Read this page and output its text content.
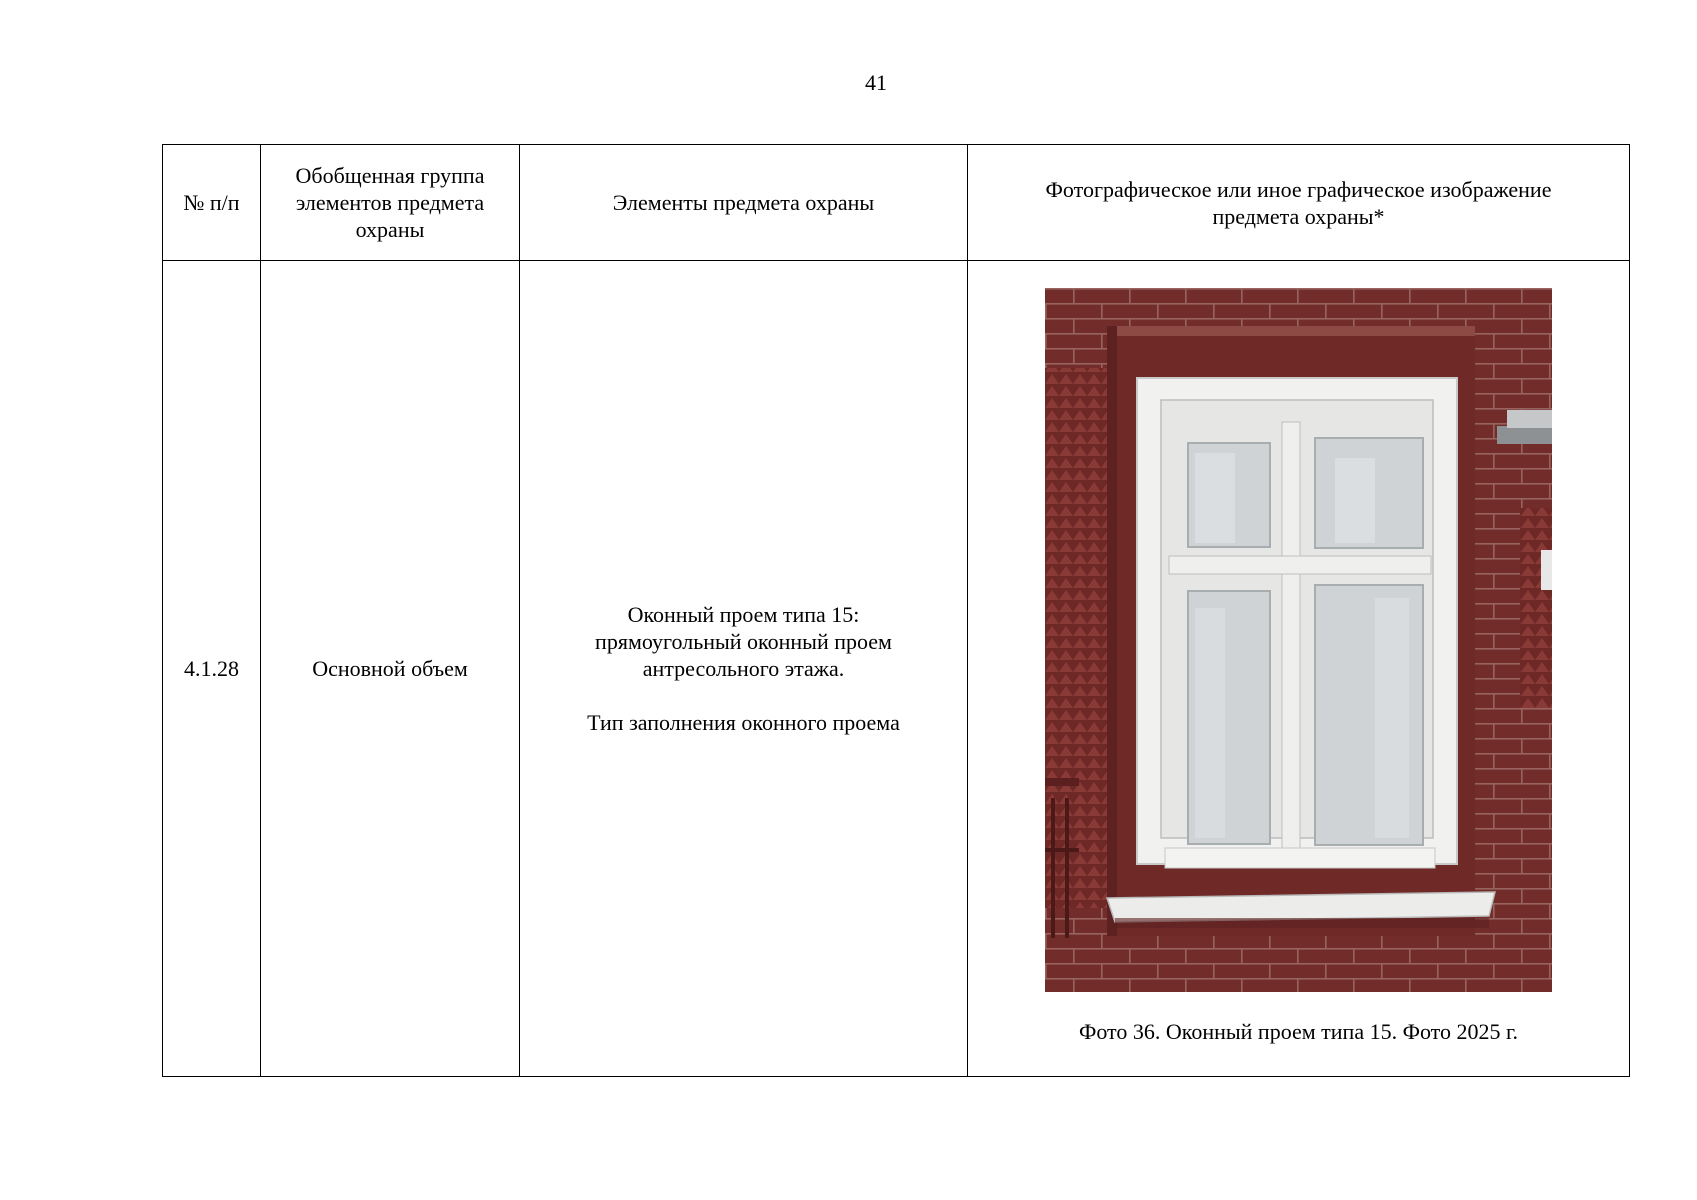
41
№ п/п	Обобщенная группа элементов предмета охраны	Элементы предмета охраны	Фотографическое или иное графическое изображение предмета охраны*
4.1.28	Основной объем	Оконный проем типа 15:
прямоугольный оконный проем
антресольного этажа.
Тип заполнения оконного проема	Фото 36. Оконный проем типа 15. Фото 2025 г.
